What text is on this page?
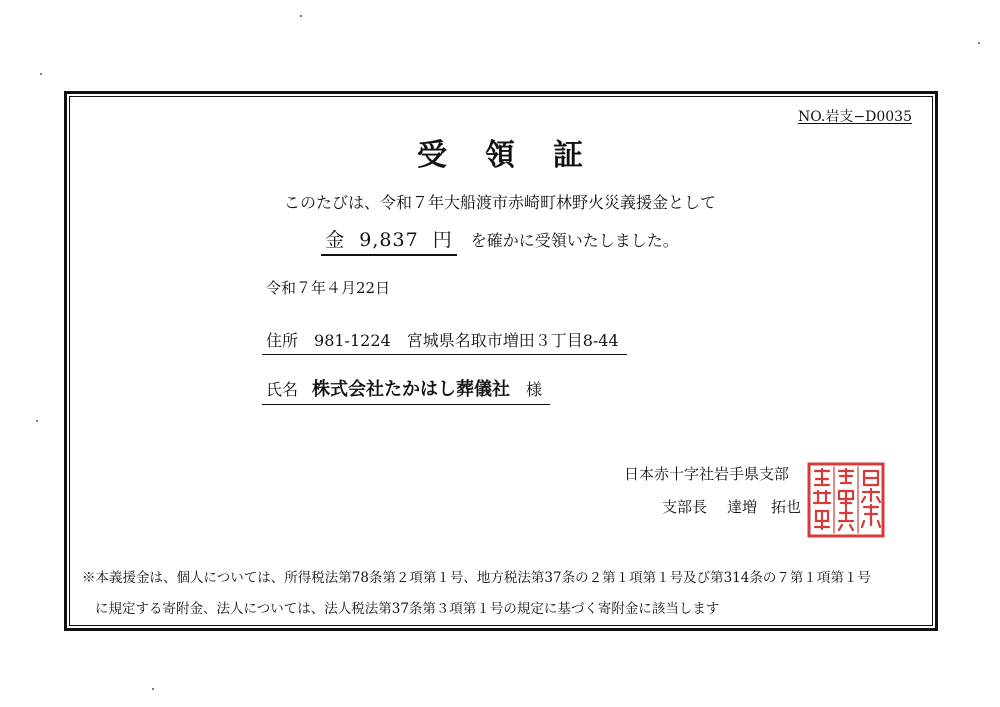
NO.岩支−D0035
受領証
このたびは、令和７年大船渡市赤崎町林野火災義援金として
金 9,837 円 を確かに受領いたしました。
令和７年４月22日
住所 981-1224 宮城県名取市増田３丁目8-44
氏名 株式会社たかはし葬儀社 様
日本赤十字社岩手県支部
支部長 達増 拓也
日本赤十字社岩手県支部長之印
※本義援金は、個人については、所得税法第78条第２項第１号、地方税法第37条の２第１項第１号及び第314条の７第１項第１号
に規定する寄附金、法人については、法人税法第37条第３項第１号の規定に基づく寄附金に該当します
